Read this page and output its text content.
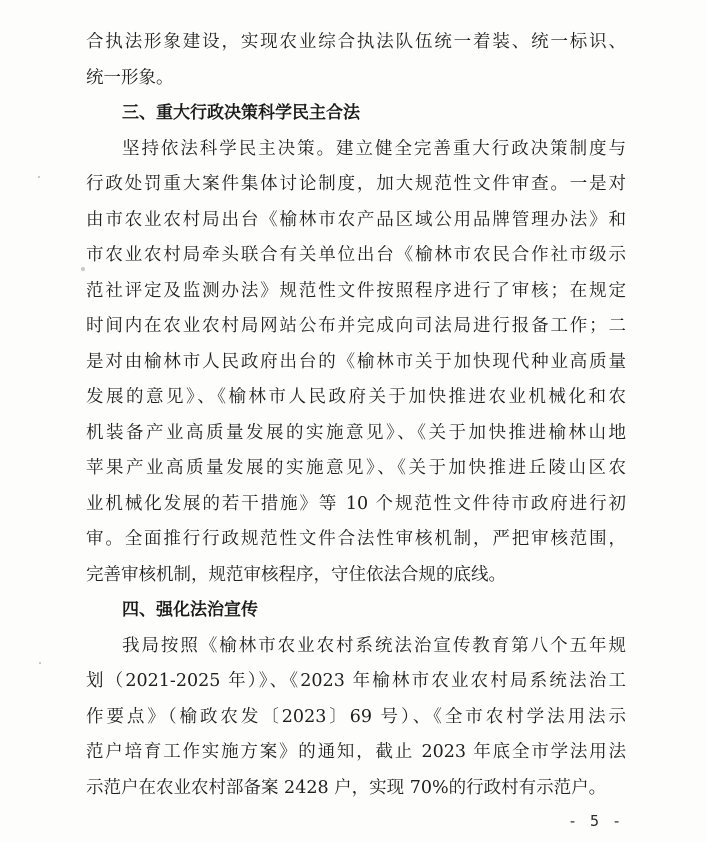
合执法形象建设，实现农业综合执法队伍统一着装、统一标识、
统一形象。
三、重大行政决策科学民主合法
坚持依法科学民主决策。建立健全完善重大行政决策制度与
行政处罚重大案件集体讨论制度，加大规范性文件审查。一是对
由市农业农村局出台《榆林市农产品区域公用品牌管理办法》和
市农业农村局牵头联合有关单位出台《榆林市农民合作社市级示
范社评定及监测办法》规范性文件按照程序进行了审核；在规定
时间内在农业农村局网站公布并完成向司法局进行报备工作；二
是对由榆林市人民政府出台的《榆林市关于加快现代种业高质量
发展的意见》、《榆林市人民政府关于加快推进农业机械化和农
机装备产业高质量发展的实施意见》、《关于加快推进榆林山地
苹果产业高质量发展的实施意见》、《关于加快推进丘陵山区农
业机械化发展的若干措施》等 10 个规范性文件待市政府进行初
审。全面推行行政规范性文件合法性审核机制，严把审核范围，
完善审核机制，规范审核程序，守住依法合规的底线。
四、强化法治宣传
我局按照《榆林市农业农村系统法治宣传教育第八个五年规
划（2021-2025 年）》、《2023 年榆林市农业农村局系统法治工
作要点》（榆政农发〔2023〕69 号）、《全市农村学法用法示
范户培育工作实施方案》的通知，截止 2023 年底全市学法用法
示范户在农业农村部备案 2428 户，实现 70%的行政村有示范户。
- 5 -
